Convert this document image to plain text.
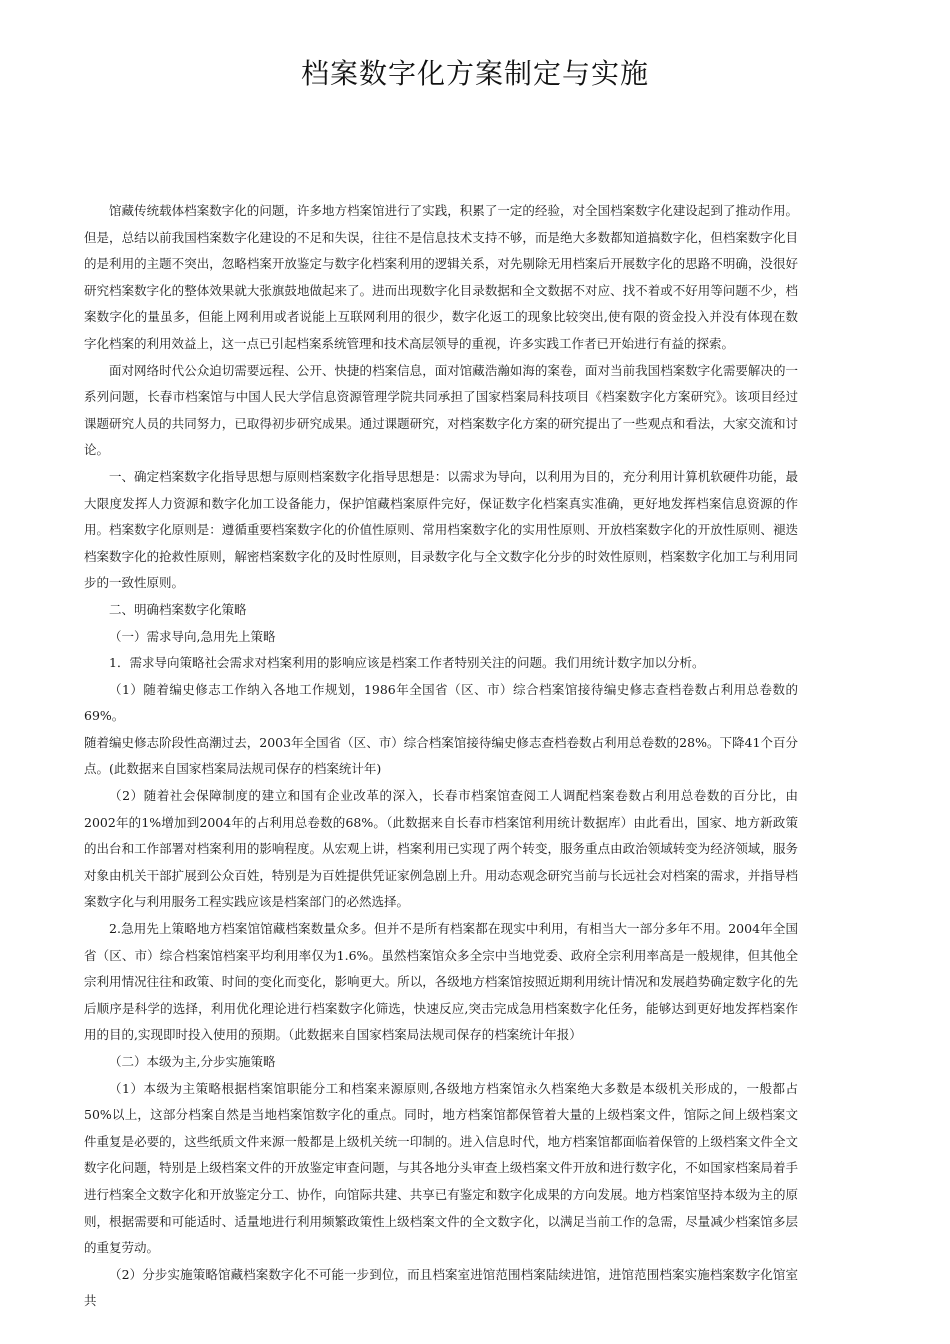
档案数字化方案制定与实施

馆藏传统载体档案数字化的问题，许多地方档案馆进行了实践，积累了一定的经验，对全国档案数字化建设起到了推动作用。但是，总结以前我国档案数字化建设的不足和失误，往往不是信息技术支持不够，而是绝大多数都知道搞数字化，但档案数字化目的是利用的主题不突出，忽略档案开放鉴定与数字化档案利用的逻辑关系，对先剔除无用档案后开展数字化的思路不明确，没很好研究档案数字化的整体效果就大张旗鼓地做起来了。进而出现数字化目录数据和全文数据不对应、找不着或不好用等问题不少，档案数字化的量虽多，但能上网利用或者说能上互联网利用的很少，数字化返工的现象比较突出,使有限的资金投入并没有体现在数字化档案的利用效益上，这一点已引起档案系统管理和技术高层领导的重视，许多实践工作者已开始进行有益的探索。

面对网络时代公众迫切需要远程、公开、快捷的档案信息，面对馆藏浩瀚如海的案卷，面对当前我国档案数字化需要解决的一系列问题，长春市档案馆与中国人民大学信息资源管理学院共同承担了国家档案局科技项目《档案数字化方案研究》。该项目经过课题研究人员的共同努力，已取得初步研究成果。通过课题研究，对档案数字化方案的研究提出了一些观点和看法，大家交流和讨论。

一、确定档案数字化指导思想与原则档案数字化指导思想是：以需求为导向，以利用为目的，充分利用计算机软硬件功能，最大限度发挥人力资源和数字化加工设备能力，保护馆藏档案原件完好，保证数字化档案真实准确，更好地发挥档案信息资源的作用。档案数字化原则是：遵循重要档案数字化的价值性原则、常用档案数字化的实用性原则、开放档案数字化的开放性原则、褪迭档案数字化的抢救性原则，解密档案数字化的及时性原则，目录数字化与全文数字化分步的时效性原则，档案数字化加工与利用同步的一致性原则。

二、明确档案数字化策略

（一）需求导向,急用先上策略

1．需求导向策略社会需求对档案利用的影响应该是档案工作者特别关注的问题。我们用统计数字加以分析。

（1）随着编史修志工作纳入各地工作规划，1986年全国省（区、市）综合档案馆接待编史修志查档卷数占利用总卷数的69%。

随着编史修志阶段性高潮过去，2003年全国省（区、市）综合档案馆接待编史修志查档卷数占利用总卷数的28%。下降41个百分点。(此数据来自国家档案局法规司保存的档案统计年)

（2）随着社会保障制度的建立和国有企业改革的深入，长春市档案馆查阅工人调配档案卷数占利用总卷数的百分比，由2002年的1%增加到2004年的占利用总卷数的68%。（此数据来自长春市档案馆利用统计数据库）由此看出，国家、地方新政策的出台和工作部署对档案利用的影响程度。从宏观上讲，档案利用已实现了两个转变，服务重点由政治领域转变为经济领域，服务对象由机关干部扩展到公众百姓，特别是为百姓提供凭证家例急剧上升。用动态观念研究当前与长远社会对档案的需求，并指导档案数字化与利用服务工程实践应该是档案部门的必然选择。

2.急用先上策略地方档案馆馆藏档案数量众多。但并不是所有档案都在现实中利用，有相当大一部分多年不用。2004年全国省（区、市）综合档案馆档案平均利用率仅为1.6%。虽然档案馆众多全宗中当地党委、政府全宗利用率高是一般规律，但其他全宗利用情况往往和政策、时间的变化而变化，影响更大。所以，各级地方档案馆按照近期利用统计情况和发展趋势确定数字化的先后顺序是科学的选择，利用优化理论进行档案数字化筛选，快速反应,突击完成急用档案数字化任务，能够达到更好地发挥档案作用的目的,实现即时投入使用的预期。（此数据来自国家档案局法规司保存的档案统计年报）

（二）本级为主,分步实施策略

（1）本级为主策略根据档案馆职能分工和档案来源原则,各级地方档案馆永久档案绝大多数是本级机关形成的，一般都占50%以上，这部分档案自然是当地档案馆数字化的重点。同时，地方档案馆都保管着大量的上级档案文件，馆际之间上级档案文件重复是必要的，这些纸质文件来源一般都是上级机关统一印制的。进入信息时代，地方档案馆都面临着保管的上级档案文件全文数字化问题，特别是上级档案文件的开放鉴定审查问题，与其各地分头审查上级档案文件开放和进行数字化，不如国家档案局着手进行档案全文数字化和开放鉴定分工、协作，向馆际共建、共享已有鉴定和数字化成果的方向发展。地方档案馆坚持本级为主的原则，根据需要和可能适时、适量地进行利用频繁政策性上级档案文件的全文数字化，以满足当前工作的急需，尽量减少档案馆多层的重复劳动。

（2）分步实施策略馆藏档案数字化不可能一步到位，而且档案室进馆范围档案陆续进馆，进馆范围档案实施档案数字化馆室共
